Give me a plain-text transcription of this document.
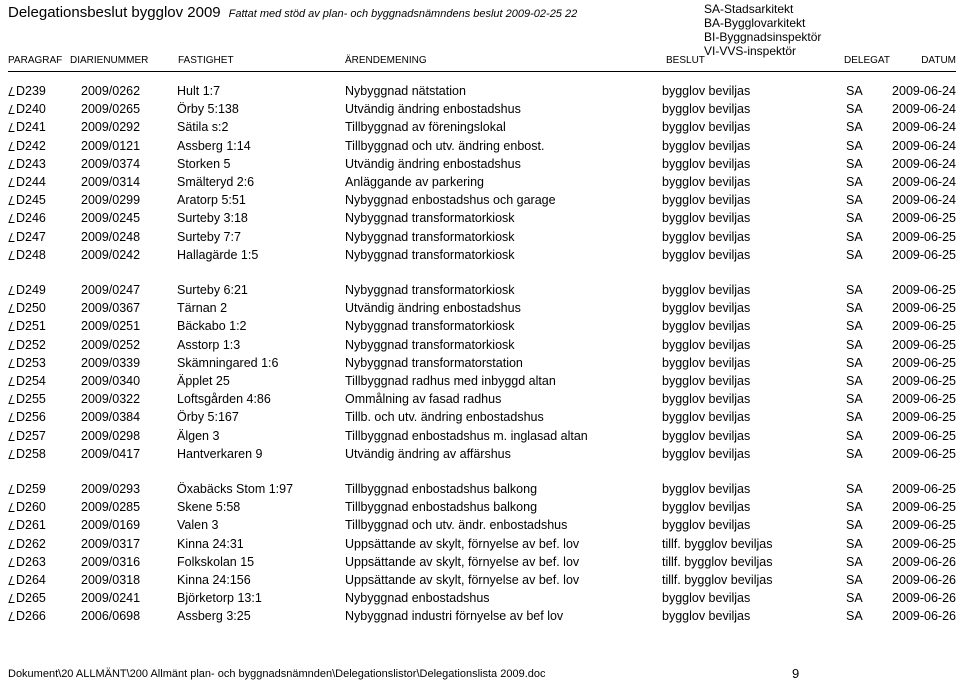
Delegationsbeslut bygglov 2009 Fattat med stöd av plan- och byggnadsnämndens beslut 2009-02-25 22	SA-Stadsarkitekt
BA-Bygglovarkitekt
BI-Byggnadsinspektör
VI-VVS-inspektör
PARAGRAF DIARIENUMMER	FASTIGHET	ÄRENDEMENING	BESLUT	DELEGAT	DATUM
D239	2009/0262	Hult 1:7	Nybyggnad nätstation	bygglov beviljas	SA 2009-06-24
D240	2009/0265	Örby 5:138	Utvändig ändring enbostadshus	bygglov beviljas	SA 2009-06-24
D241	2009/0292	Sätila s:2	Tillbyggnad av föreningslokal	bygglov beviljas	SA 2009-06-24
D242	2009/0121	Assberg 1:14	Tillbyggnad och utv. ändring enbost.	bygglov beviljas	SA 2009-06-24
D243	2009/0374	Storken 5	Utvändig ändring enbostadshus	bygglov beviljas	SA 2009-06-24
D244	2009/0314	Smälteryd 2:6	Anläggande av parkering	bygglov beviljas	SA 2009-06-24
D245	2009/0299	Aratorp 5:51	Nybyggnad enbostadshus och garage	bygglov beviljas	SA 2009-06-24
D246	2009/0245	Surteby 3:18	Nybyggnad transformatorkiosk	bygglov beviljas	SA 2009-06-25
D247	2009/0248	Surteby 7:7	Nybyggnad transformatorkiosk	bygglov beviljas	SA 2009-06-25
D248	2009/0242	Hallagärde 1:5	Nybyggnad transformatorkiosk	bygglov beviljas	SA 2009-06-25
D249	2009/0247	Surteby 6:21	Nybyggnad transformatorkiosk	bygglov beviljas	SA 2009-06-25
D250	2009/0367	Tärnan 2	Utvändig ändring enbostadshus	bygglov beviljas	SA 2009-06-25
D251	2009/0251	Bäckabo 1:2	Nybyggnad transformatorkiosk	bygglov beviljas	SA 2009-06-25
D252	2009/0252	Asstorp 1:3	Nybyggnad transformatorkiosk	bygglov beviljas	SA 2009-06-25
D253	2009/0339	Skämningared 1:6	Nybyggnad transformatorstation	bygglov beviljas	SA 2009-06-25
D254	2009/0340	Äpplet 25	Tillbyggnad radhus med inbyggd altan	bygglov beviljas	SA 2009-06-25
D255	2009/0322	Loftsgården 4:86	Ommålning av fasad radhus	bygglov beviljas	SA 2009-06-25
D256	2009/0384	Örby 5:167	Tillb. och utv. ändring enbostadshus	bygglov beviljas	SA 2009-06-25
D257	2009/0298	Älgen 3	Tillbyggnad enbostadshus m. inglasad altan	bygglov beviljas	SA 2009-06-25
D258	2009/0417	Hantverkaren 9	Utvändig ändring av affärshus	bygglov beviljas	SA 2009-06-25
D259	2009/0293	Öxabäcks Stom 1:97	Tillbyggnad enbostadshus balkong	bygglov beviljas	SA 2009-06-25
D260	2009/0285	Skene 5:58	Tillbyggnad enbostadshus balkong	bygglov beviljas	SA 2009-06-25
D261	2009/0169	Valen 3	Tillbyggnad och utv. ändr. enbostadshus	bygglov beviljas	SA 2009-06-25
D262	2009/0317	Kinna 24:31	Uppsättande av skylt, förnyelse av bef. lov	tillf. bygglov beviljas	SA 2009-06-25
D263	2009/0316	Folkskolan 15	Uppsättande av skylt, förnyelse av bef. lov	tillf. bygglov beviljas	SA 2009-06-26
D264	2009/0318	Kinna 24:156	Uppsättande av skylt, förnyelse av bef. lov	tillf. bygglov beviljas	SA 2009-06-26
D265	2009/0241	Björketorp 13:1	Nybyggnad enbostadshus	bygglov beviljas	SA 2009-06-26
D266	2006/0698	Assberg 3:25	Nybyggnad industri förnyelse av bef lov	bygglov beviljas	SA 2009-06-26
Dokument\20 ALLMÄNT\200 Allmänt plan- och byggnadsnämnden\Delegationslistor\Delegationslista 2009.doc	9
